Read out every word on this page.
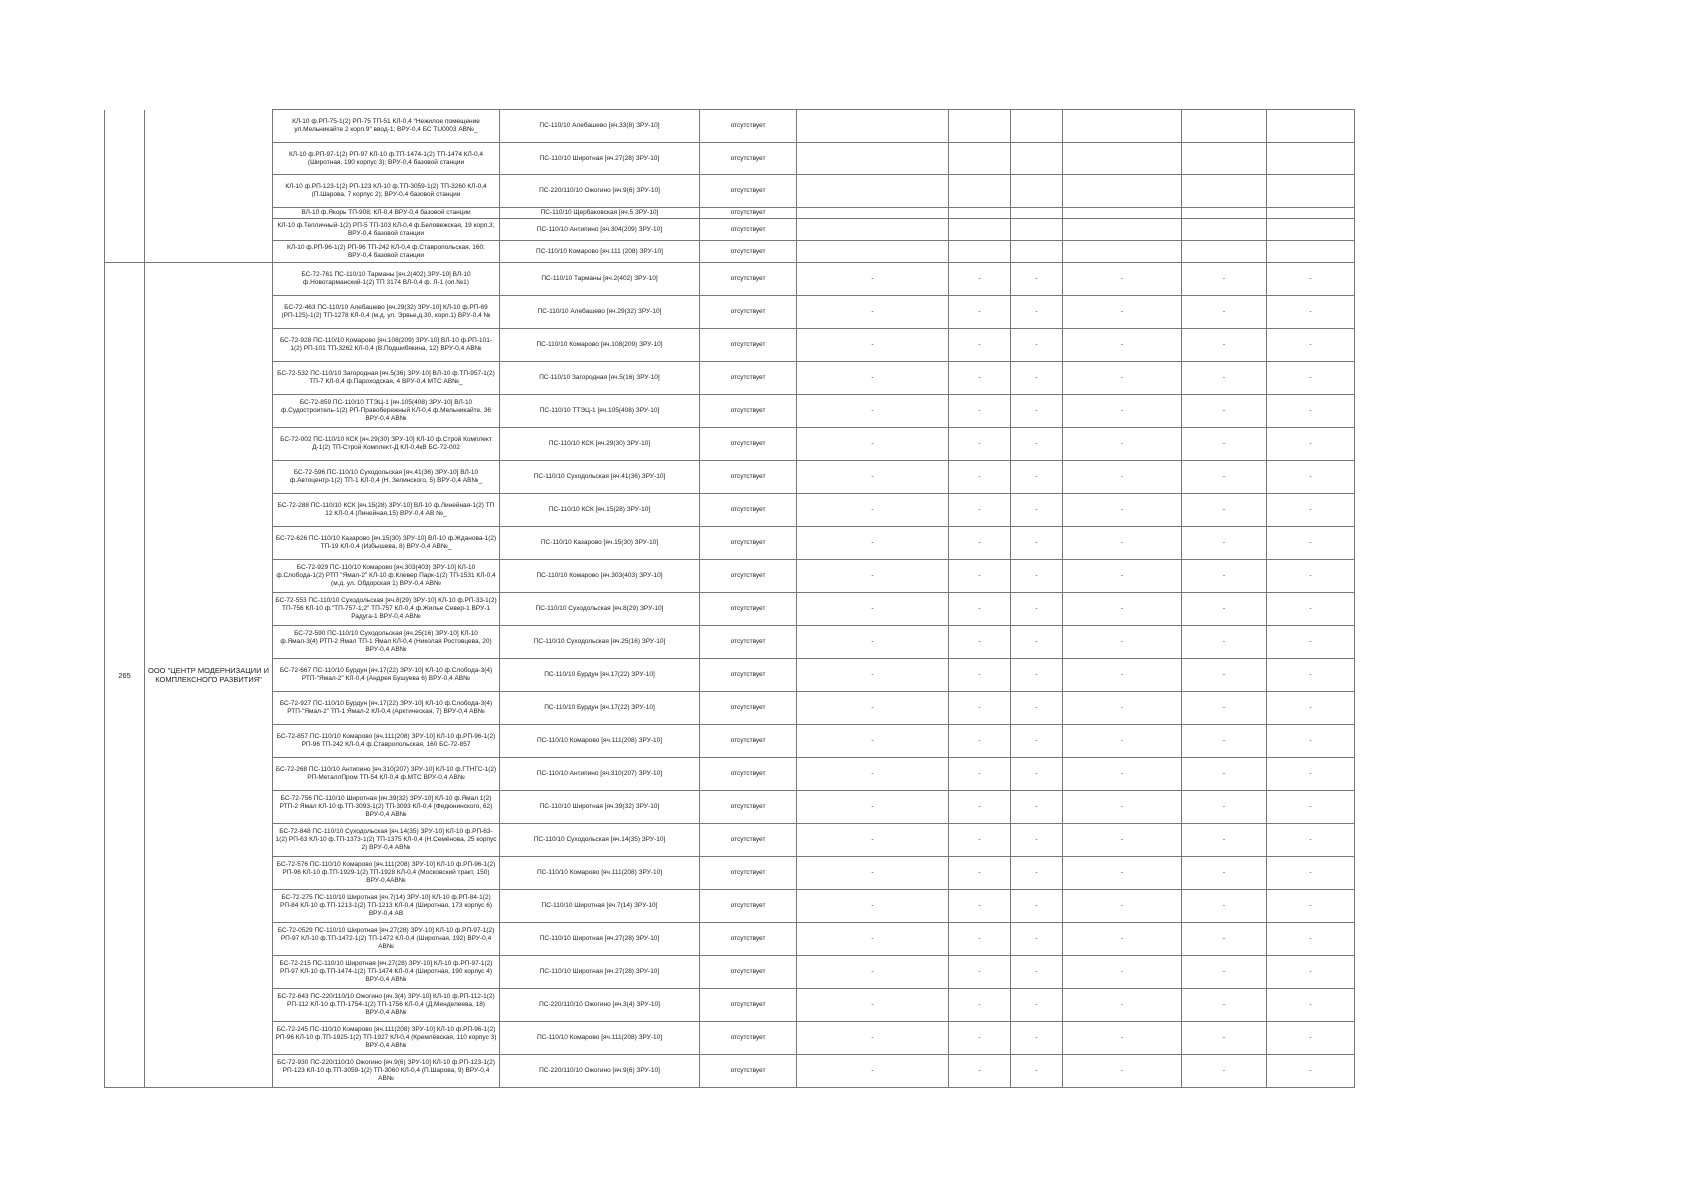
		КЛ-10 ф.РП-75-1(2) РП-75 ТП-51 КЛ-0,4 "Нежилое помещение ул.Мельникайте 2 корп.9" ввод-1; ВРУ-0,4 БС TU0003 АВ№_	ПС-110/10 Алебашево [яч.33(8) ЗРУ-10]	отсутствует						
		КЛ-10 ф.РП-97-1(2) РП-97 КЛ-10 ф.ТП-1474-1(2) ТП-1474 КЛ-0,4 (Широтная, 190 корпус 3); ВРУ-0,4 базовой станции	ПС-110/10 Широтная [яч.27(28) ЗРУ-10]	отсутствует						
		КЛ-10 ф.РП-123-1(2) РП-123 КЛ-10 ф.ТП-3059-1(2) ТП-3260 КЛ-0,4 (П.Шарова, 7 корпус 2); ВРУ-0,4 базовой станции	ПС-220/110/10 Ожогино [яч.9(6) ЗРУ-10]	отсутствует						
		ВЛ-10 ф.Якорь ТП-908; КЛ-0,4 ВРУ-0,4 базовой станции	ПС-110/10 Щербаковская [яч.5 ЗРУ-10]	отсутствует						
		КЛ-10 ф.Тепличный-1(2) РП-5 ТП-103 КЛ-0,4 ф.Беловежская, 19 корп.3; ВРУ-0,4 базовой станции	ПС-110/10 Антипино [яч.304(209) ЗРУ-10]	отсутствует						
		КЛ-10 ф.РП-96-1(2) РП-96 ТП-242 КЛ-0,4 ф.Ставропольская, 160; ВРУ-0,4 базовой станции	ПС-110/10 Комарово [яч.111 (208) ЗРУ-10]	отсутствует						
265	ООО "ЦЕНТР МОДЕРНИЗАЦИИ И КОМПЛЕКСНОГО РАЗВИТИЯ"	БС-72-761 ПС-110/10 Тарманы [яч.2(402) ЗРУ-10] ВЛ-10 ф.Новотарманский-1(2) ТП 3174 ВЛ-0,4 ф. Л-1 (оп.№1)	ПС-110/10 Тарманы [яч.2(402) ЗРУ-10]	отсутствует	-	-	-	-	-	-
		БС-72-463 ПС-110/10 Алебашево [яч.29(32) ЗРУ-10] КЛ-10 ф.РП-69 (РП-125)-1(2) ТП-1278 КЛ-0,4 (м.д. ул. Эрвье,д.30, корп.1) ВРУ-0,4 №	ПС-110/10 Алебашево [яч.29(32) ЗРУ-10]	отсутствует	-	-	-	-	-	-
		БС-72-928 ПС-110/10 Комарово [яч.108(209) ЗРУ-10] ВЛ-10 ф.РП-101-1(2) РП-101 ТП-3262 КЛ-0,4 (В.Подшибякина, 12) ВРУ-0,4 АВ№	ПС-110/10 Комарово [яч.108(209) ЗРУ-10]	отсутствует	-	-	-	-	-	-
		БС-72-532 ПС-110/10 Загородная [яч.5(36) ЗРУ-10] ВЛ-10 ф.ТП-957-1(2) ТП-7 КЛ-0,4 ф.Пароходская, 4 ВРУ-0,4 МТС АВ№_	ПС-110/10 Загородная [яч.5(16) ЗРУ-10]	отсутствует	-	-	-	-	-	-
		БС-72-859 ПС-110/10 ТТЭЦ-1 [яч.105(408) ЗРУ-10] ВЛ-10 ф.Судостроитель-1(2) РП-Правобережный КЛ-0,4 ф.Мельникайте, 36 ВРУ-0,4 АВ№	ПС-110/10 ТТЭЦ-1 [яч.105(408) ЗРУ-10]	отсутствует	-	-	-	-	-	-
		БС-72-002 ПС-110/10 КСК [яч.29(30) ЗРУ-10] КЛ-10 ф.Строй Комплект Д-1(2) ТП-Строй Комплект-Д КЛ-0,4кВ БС-72-002	ПС-110/10 КСК [яч.29(30) ЗРУ-10]	отсутствует	-	-	-	-	-	-
		БС-72-596 ПС-110/10 Суходольская [яч.41(36) ЗРУ-10] ВЛ-10 ф.Автоцентр-1(2) ТП-1 КЛ-0,4 (Н. Зелинского, 5) ВРУ-0,4 АВ№_	ПС-110/10 Суходольская [яч.41(36) ЗРУ-10]	отсутствует	-	-	-	-	-	-
		БС-72-288 ПС-110/10 КСК [яч.15(28) ЗРУ-10] ВЛ-10 ф.Линейная-1(2) ТП 12 КЛ-0,4 (Линейная,15) ВРУ-0,4 АВ №_	ПС-110/10 КСК [яч.15(28) ЗРУ-10]	отсутствует	-	-	-	-	-	-
		БС-72-626 ПС-110/10 Казарово [яч.15(30) ЗРУ-10] ВЛ-10 ф.Жданова-1(2) ТП-19 КЛ-0,4 (Избышева, 8) ВРУ-0,4 АВ№_	ПС-110/10 Казарово [яч.15(30) ЗРУ-10]	отсутствует	-	-	-	-	-	-
		БС-72-929 ПС-110/10 Комарово [яч.303(403) ЗРУ-10] КЛ-10 ф.Слобода-1(2) РТП "Ямал-2" КЛ-10 ф.Клевер Парк-1(2) ТП-1531 КЛ-0,4 (м.д. ул. Обдорская 1) ВРУ-0,4 АВ№	ПС-110/10 Комарово [яч.303(403) ЗРУ-10]	отсутствует	-	-	-	-	-	-
		БС-72-553 ПС-110/10 Суходольская [яч.8(29) ЗРУ-10] КЛ-10 ф.РП-33-1(2) ТП-756 КЛ-10 ф."ТП-757-1,2" ТП-757 КЛ-0,4 ф.Жилье Север-1 ВРУ-1 Радуга-1 ВРУ-0,4 АВ№	ПС-110/10 Суходольская [яч.8(29) ЗРУ-10]	отсутствует	-	-	-	-	-	-
		БС-72-590 ПС-110/10 Суходольская [яч.25(16) ЗРУ-10] КЛ-10 ф.Ямал-3(4) РТП-2 Ямал ТП-1 Ямал КЛ-0,4 (Николая Ростовцева, 20) ВРУ-0,4 АВ№	ПС-110/10 Суходольская [яч.25(16) ЗРУ-10]	отсутствует	-	-	-	-	-	-
		БС-72-667 ПС-110/10 Бурдун [яч.17(22) ЗРУ-10] КЛ-10 ф.Слобода-3(4) РТП-"Ямал-2" КЛ-0,4 (Андрея Бушуева 6) ВРУ-0,4 АВ№	ПС-110/10 Бурдун [яч.17(22) ЗРУ-10]	отсутствует	-	-	-	-	-	-
		БС-72-927 ПС-110/10 Бурдун [яч.17(22) ЗРУ-10] КЛ-10 ф.Слобода-3(4) РТП-"Ямал-2" ТП-1 Ямал-2 КЛ-0,4 (Арктическая, 7) ВРУ-0,4 АВ№	ПС-110/10 Бурдун [яч.17(22) ЗРУ-10]	отсутствует	-	-	-	-	-	-
		БС-72-857 ПС-110/10 Комарово [яч.111(208) ЗРУ-10] КЛ-10 ф.РП-96-1(2) РП-96 ТП-242 КЛ-0,4 ф.Ставропольская, 160 БС-72-857	ПС-110/10 Комарово [яч.111(208) ЗРУ-10]	отсутствует	-	-	-	-	-	-
		БС-72-268 ПС-110/10 Антипино [яч.310(207) ЗРУ-10] КЛ-10 ф.ГТНГС-1(2) РП-МеталлПром ТП-54 КЛ-0,4 ф.МТС ВРУ-0,4 АВ№	ПС-110/10 Антипино [яч.310(207) ЗРУ-10]	отсутствует	-	-	-	-	-	-
		БС-72-756 ПС-110/10 Широтная [яч.39(32) ЗРУ-10] КЛ-10 ф.Ямал 1(2) РТП-2 Ямал КЛ-10 ф.ТП-3093-1(2) ТП-3093 КЛ-0,4 (Федюнинского, 62) ВРУ-0,4 АВ№	ПС-110/10 Широтная [яч.39(32) ЗРУ-10]	отсутствует	-	-	-	-	-	-
		БС-72-848 ПС-110/10 Суходольская [яч.14(35) ЗРУ-10] КЛ-10 ф.РП-63-1(2) РП-63 КЛ-10 ф.ТП-1373-1(2) ТП-1375 КЛ-0,4 (Н.Семёнова, 25 корпус 2) ВРУ-0,4 АВ№	ПС-110/10 Суходольская [яч.14(35) ЗРУ-10]	отсутствует	-	-	-	-	-	-
		БС-72-576 ПС-110/10 Комарово [яч.111(208) ЗРУ-10] КЛ-10 ф.РП-96-1(2) РП-96 КЛ-10 ф.ТП-1929-1(2) ТП-1928 КЛ-0,4 (Московский тракт, 150) ВРУ-0,4АВ№	ПС-110/10 Комарово [яч.111(208) ЗРУ-10]	отсутствует	-	-	-	-	-	-
		БС-72-275 ПС-110/10 Широтная [яч.7(14) ЗРУ-10] КЛ-10 ф.РП-84-1(2) РП-84 КЛ-10 ф.ТП-1213-1(2) ТП-1213 КЛ-0,4 (Широтная, 173 корпус 6) ВРУ-0,4 АВ	ПС-110/10 Широтная [яч.7(14) ЗРУ-10]	отсутствует	-	-	-	-	-	-
		БС-72-0529 ПС-110/10 Широтная [яч.27(28) ЗРУ-10] КЛ-10 ф.РП-97-1(2) РП-97 КЛ-10 ф.ТП-1472-1(2) ТП-1472 КЛ-0,4 (Широтная, 192) ВРУ-0,4 АВ№	ПС-110/10 Широтная [яч.27(28) ЗРУ-10]	отсутствует	-	-	-	-	-	-
		БС-72-215 ПС-110/10 Широтная [яч.27(28) ЗРУ-10] КЛ-10 ф.РП-97-1(2) РП-97 КЛ-10 ф.ТП-1474-1(2) ТП-1474 КЛ-0,4 (Широтная, 190 корпус 4) ВРУ-0,4 АВ№	ПС-110/10 Широтная [яч.27(28) ЗРУ-10]	отсутствует	-	-	-	-	-	-
		БС-72-643 ПС-220/110/10 Ожогино [яч.3(4) ЗРУ-10] КЛ-10 ф.РП-112-1(2) РП-112 КЛ-10 ф.ТП-1754-1(2) ТП-1756 КЛ-0,4 (Д.Менделеева, 18) ВРУ-0,4 АВ№	ПС-220/110/10 Ожогино [яч.3(4) ЗРУ-10]	отсутствует	-	-	-	-	-	-
		БС-72-245 ПС-110/10 Комарово [яч.111(208) ЗРУ-10] КЛ-10 ф.РП-96-1(2) РП-96 КЛ-10 ф.ТП-1925-1(2) ТП-1927 КЛ-0,4 (Кремлёвская, 110 корпус 3) ВРУ-0,4 АВ№	ПС-110/10 Комарово [яч.111(208) ЗРУ-10]	отсутствует	-	-	-	-	-	-
		БС-72-930 ПС-220/110/10 Ожогино [яч.9(6) ЗРУ-10] КЛ-10 ф.РП-123-1(2) РП-123 КЛ-10 ф.ТП-3059-1(2) ТП-3060 КЛ-0,4 (П.Шарова, 9) ВРУ-0,4 АВ№	ПС-220/110/10 Ожогино [яч.9(6) ЗРУ-10]	отсутствует	-	-	-	-	-	-
